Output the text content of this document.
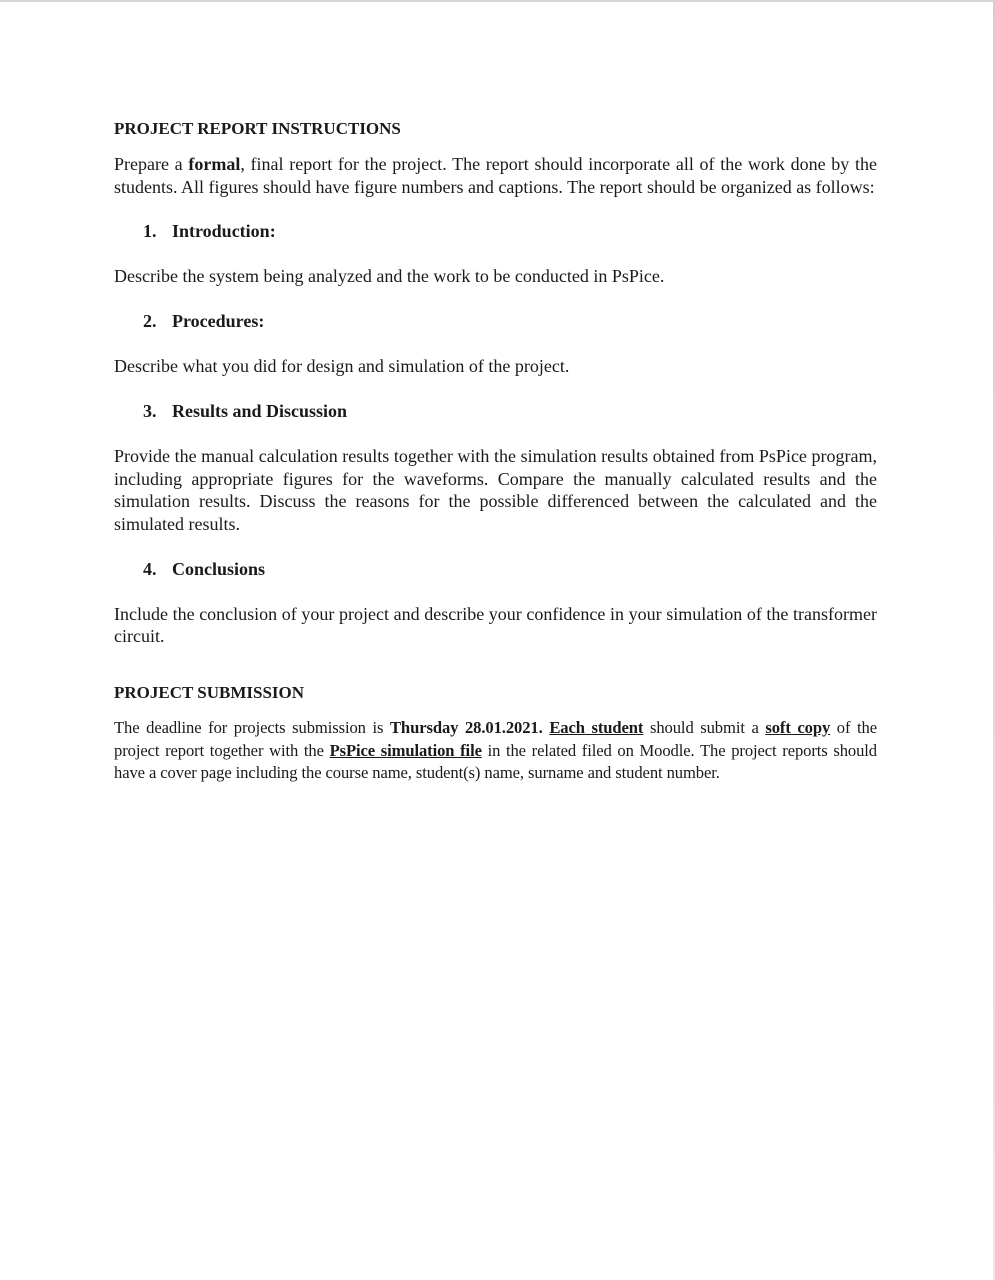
PROJECT REPORT INSTRUCTIONS

Prepare a formal, final report for the project. The report should incorporate all of the work done by the students. All figures should have figure numbers and captions. The report should be organized as follows:

1. Introduction:

Describe the system being analyzed and the work to be conducted in PsPice.

2. Procedures:

Describe what you did for design and simulation of the project.

3. Results and Discussion

Provide the manual calculation results together with the simulation results obtained from PsPice program, including appropriate figures for the waveforms. Compare the manually calculated results and the simulation results. Discuss the reasons for the possible differenced between the calculated and the simulated results.

4. Conclusions

Include the conclusion of your project and describe your confidence in your simulation of the transformer circuit.

PROJECT SUBMISSION

The deadline for projects submission is Thursday 28.01.2021. Each student should submit a soft copy of the project report together with the PsPice simulation file in the related filed on Moodle. The project reports should have a cover page including the course name, student(s) name, surname and student number.
